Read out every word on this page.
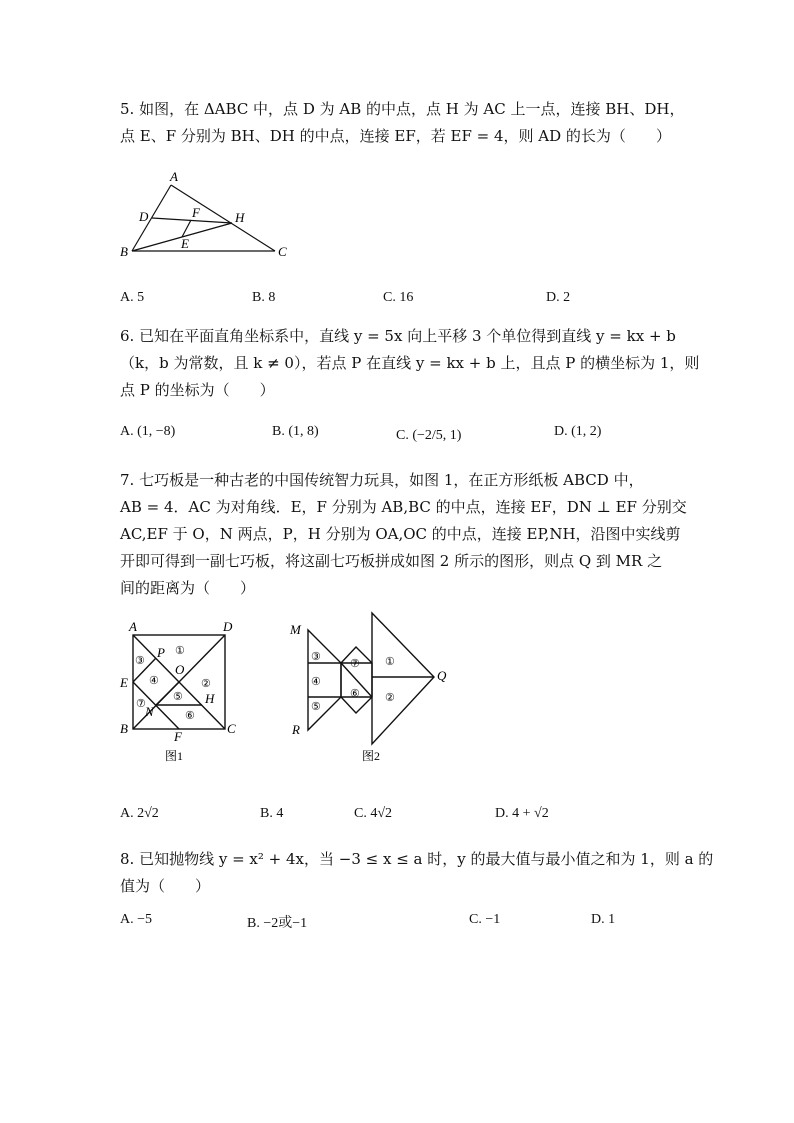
5. 如图，在 ΔABC 中，点 D 为 AB 的中点，点 H 为 AC 上一点，连接 BH、DH，
点 E、F 分别为 BH、DH 的中点，连接 EF，若 EF = 4，则 AD 的长为（　　）
A
D	F	H
E
B	C
A. 5	B. 8	C. 16	D. 2
6. 已知在平面直角坐标系中，直线 y = 5x 向上平移 3 个单位得到直线 y = kx + b
（k，b 为常数，且 k ≠ 0），若点 P 在直线 y = kx + b 上，且点 P 的横坐标为 1，则
点 P 的坐标为（　　）
A. (1, −8)	B. (1, 8)	C. (−2/5, 1)	D. (1, 2)
7. 七巧板是一种古老的中国传统智力玩具，如图 1，在正方形纸板 ABCD 中，
AB = 4．AC 为对角线．E，F 分别为 AB,BC 的中点，连接 EF，DN ⊥ EF 分别交
AC,EF 于 O，N 两点，P，H 分别为 OA,OC 的中点，连接 EP,NH，沿图中实线剪
开即可得到一副七巧板，将这副七巧板拼成如图 2 所示的图形，则点 Q 到 MR 之
间的距离为（　　）
A	D
P
O
E
H
N
B
F
C
①
②
③
④
⑤
⑥
⑦
图1
M
R
Q
①
②
③
④
⑤
⑥
⑦
图2
A. 2√2	B. 4	C. 4√2	D. 4 + √2
8. 已知抛物线 y = x² + 4x，当 −3 ≤ x ≤ a 时，y 的最大值与最小值之和为 1，则 a 的
值为（　　）
A. −5	B. −2或−1	C. −1	D. 1
